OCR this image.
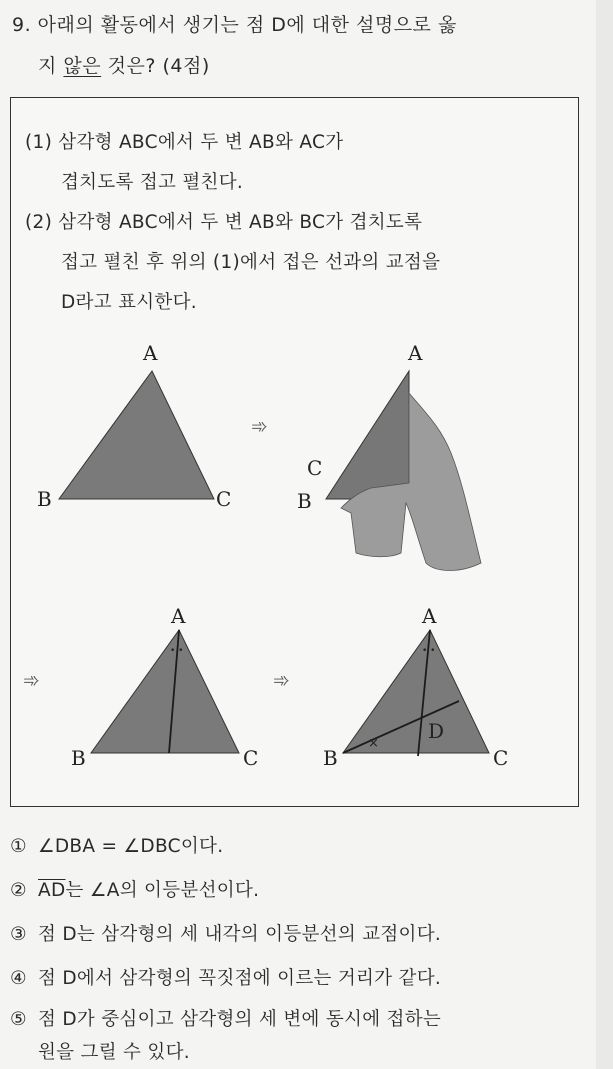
9. 아래의 활동에서 생기는 점 D에 대한 설명으로 옳
지 않은 것은? (4점)
(1) 삼각형 ABC에서 두 변 AB와 AC가
겹치도록 접고 펼친다.
(2) 삼각형 ABC에서 두 변 AB와 BC가 겹치도록
접고 펼친 후 위의 (1)에서 접은 선과의 교점을
D라고 표시한다.
A
B	C
➾
A
C
B
➾
• •
A
B	C
➾
• •
×
A
B	C
D
① ∠DBA = ∠DBC이다.
② $\overline{AD}$는 ∠A의 이등분선이다.
③ 점 D는 삼각형의 세 내각의 이등분선의 교점이다.
④ 점 D에서 삼각형의 꼭짓점에 이르는 거리가 같다.
⑤ 점 D가 중심이고 삼각형의 세 변에 동시에 접하는
원을 그릴 수 있다.
